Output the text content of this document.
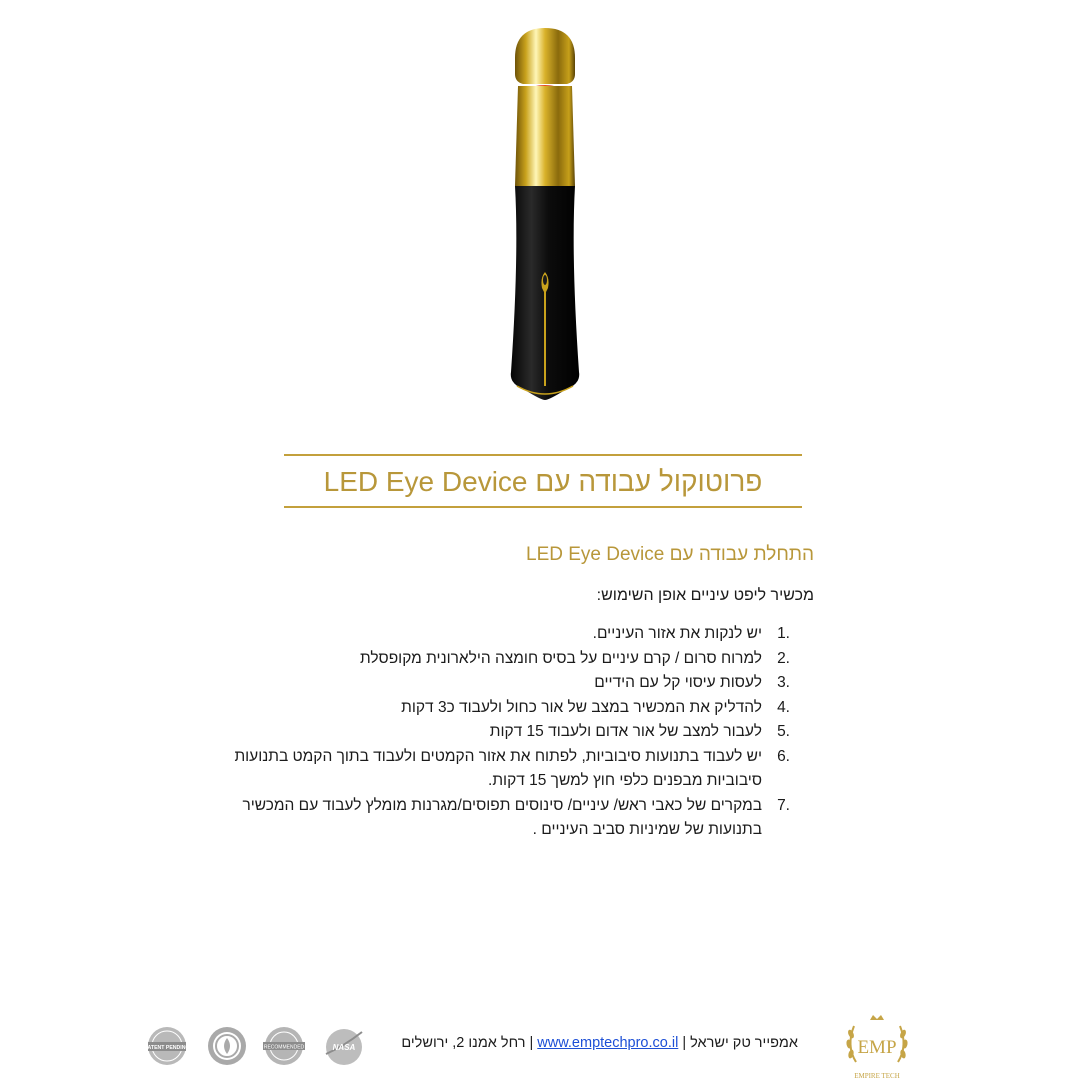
פרוטוקול עבודה עם LED Eye Device
התחלת עבודה עם LED Eye Device
מכשיר ליפט עיניים אופן השימוש:
1.
יש לנקות את אזור העיניים.
2.
למרוח סרום / קרם עיניים על בסיס חומצה הילארונית מקופסלת
3.
לעסות עיסוי קל עם הידיים
4.
להדליק את המכשיר במצב של אור כחול ולעבוד כ3 דקות
5.
לעבור למצב של אור אדום ולעבוד 15 דקות
6.
יש לעבוד בתנועות סיבוביות, לפתוח את אזור הקמטים ולעבוד בתוך הקמט בתנועות סיבוביות מבפנים כלפי חוץ למשך 15 דקות.
7.
במקרים של כאבי ראש/ עיניים/ סינוסים תפוסים/מגרנות מומלץ לעבוד עם המכשיר בתנועות של שמיניות סביב העיניים .
PATENT PENDING	RECOMMENDED	NASA	אמפייר טק ישראל | www.emptechpro.co.il | רחל אמנו 2, ירושלים	EMP
EMPIRE TECH
